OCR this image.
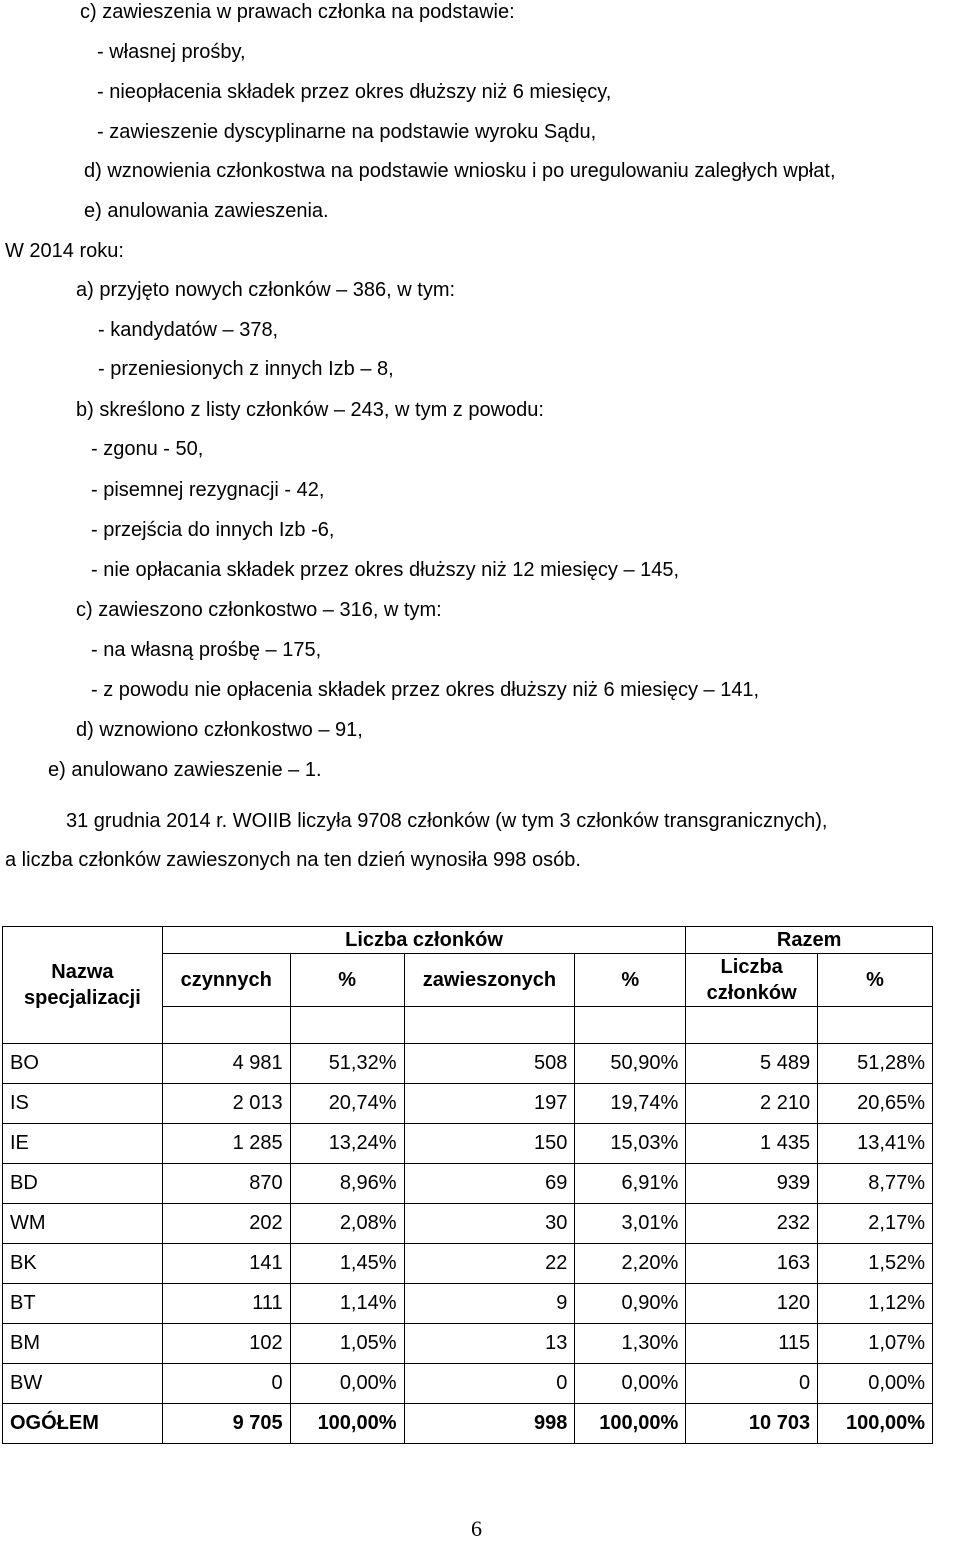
c) zawieszenia w prawach członka na podstawie:
- własnej prośby,
- nieopłacenia składek przez okres dłuższy niż 6 miesięcy,
- zawieszenie dyscyplinarne na podstawie wyroku Sądu,
d) wznowienia członkostwa na podstawie wniosku i po uregulowaniu zaległych wpłat,
e) anulowania zawieszenia.
W 2014 roku:
a) przyjęto nowych członków – 386, w tym:
- kandydatów – 378,
- przeniesionych z innych Izb – 8,
b) skreślono z listy członków – 243, w tym z powodu:
- zgonu - 50,
- pisemnej rezygnacji - 42,
- przejścia do innych Izb -6,
- nie opłacania składek przez okres dłuższy niż 12 miesięcy – 145,
c) zawieszono członkostwo – 316, w tym:
- na własną prośbę – 175,
- z powodu nie opłacenia składek przez okres dłuższy niż 6 miesięcy – 141,
d) wznowiono członkostwo – 91,
e) anulowano zawieszenie – 1.
31 grudnia 2014 r. WOIIB liczyła 9708 członków (w tym 3 członków transgranicznych),
a liczba członków zawieszonych na ten dzień wynosiła 998 osób.
Nazwa specjalizacji	Liczba członków				Razem	
	czynnych	%	zawieszonych	%	Liczba członków	%

BO	4 981	51,32%	508	50,90%	5 489	51,28%
IS	2 013	20,74%	197	19,74%	2 210	20,65%
IE	1 285	13,24%	150	15,03%	1 435	13,41%
BD	870	8,96%	69	6,91%	939	8,77%
WM	202	2,08%	30	3,01%	232	2,17%
BK	141	1,45%	22	2,20%	163	1,52%
BT	111	1,14%	9	0,90%	120	1,12%
BM	102	1,05%	13	1,30%	115	1,07%
BW	0	0,00%	0	0,00%	0	0,00%
OGÓŁEM	9 705	100,00%	998	100,00%	10 703	100,00%
6
